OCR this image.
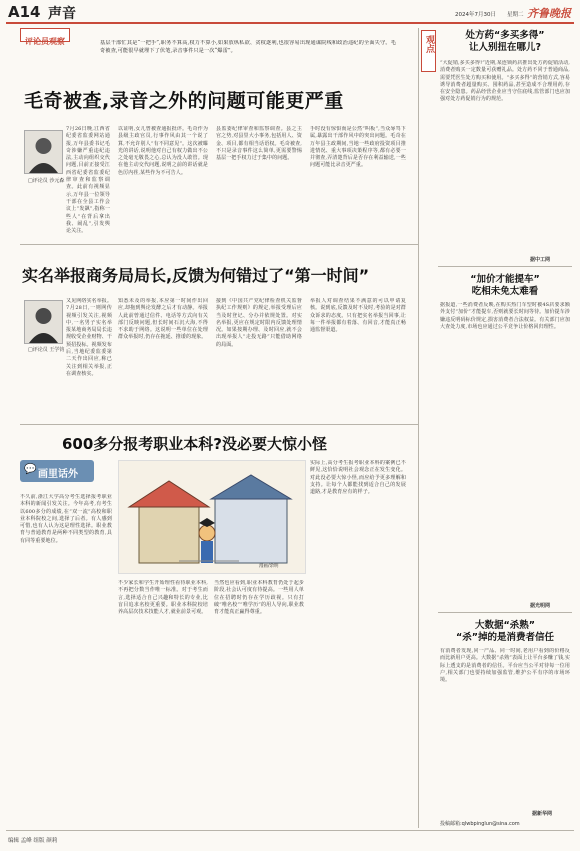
A14 声音	2024年7月30日 星期二 齐鲁晚报
评论员观察	基层干部忙其是“一把手”,职务不算高,权力不算小,如果放纵私欲、贪权逐利,也很容易出现通谋院线和政治违纪的全面失守。毛奇被查,可能很早就埋下了伏笔,录音事件只是一次“爆雷”。
毛奇被查,录音之外的问题可能更严重
□评论员 沙元森
7月26日晚,江西省纪委省监委网站通报,万年县委书记毛奇涉嫌严重违纪违法,主动向组织交代问题,目前正接受江西省纪委省监委纪律审查和监察调查。此前有视频显示,万年县一位领导干部在全县工作会议上“发飙”,指称一些人“在背后拿出我、闹乱”,引发舆论关注。
以证明,女儿曾被查通报批评。毛奇作为县级主政官员,行事作风由其一个说了算,不允许别人“有不同意见”。这次被曝光的讲话,说明他对自己有权力做出不公之处毫无敬畏之心,总认为没人敢管。现在他主动交代问题,说明之前的讲话就是色厉内荏,某些作为不可告人。
县监委纪律审查和监察调查。县之主官之势,对县里大小事务,包括用人、资金、项目,都有相当话语权。毛奇被查,不只是录音事件这么简单,更需要警惕基层一把手权力过于集中的问题。
手时没有惊惧而是公然“叫板”,当众辱骂下属,暴露出干部作风中的突出问题。毛奇在万年县主政期间,当地一些政府投资项目推进情况、重大事项决策程序等,都有必要一并彻查,弄清楚背后是否存在利益输送,一些问题可能比录音更严重。
实名举报商务局局长,反馈为何错过了“第一时间”
□评论员 王学钧
又见网络实名举报。7月28日,一则网传视频引发关注,视频中,一名男子实名举报某地商务局局长违规收受企业财物、干预招投标。视频发布后,当地纪委监委第二天作出回应,称已关注到相关举报,正在调查核实。
知悉未及的举报,本应第一时间作出回应,却拖到舆论发酵之后才有动静。举报人此前曾通过信件、电话等方式向有关部门反映问题,但长时间石沉大海,不得不求助于网络。这说明一些单位在处理群众举报时,仍存在拖延、推诿的现象。
接到《中国共产党纪律检查机关监督执纪工作规则》的规定,举报受理后应当及时登记、分办并依规处置。对实名举报,更应在规定时限内反馈处理情况。如果按期办理、及时回应,就不会出现举报人“走投无路”只能借助网络的局面。
举报人对调查结果不满意的可以申请复核。说到底,反馈及时不及时,考验的是对群众诉求的态度。只有把实名举报当回事,让每一件举报都有着落、有回音,才能真正畅通监督渠道。
600多分报考职业本科?没必要大惊小怪
💬 画里话外
不久前,浙江大学高分考生选择报考职业本科的新闻引发关注。今年高考,有考生以600多分的成绩,在“双一流”高校和职业本科院校之间,选择了后者。有人感到可惜,也有人认为这是理性选择。职业教育与普通教育是两种不同类型的教育,具有同等重要地位。
漫画/余明
不少家长和学生开始理性看待职业本科,不再把分数当作唯一标准。对于考生而言,选择适合自己兴趣和特长的专业,比盲目追求名校更重要。职业本科院校培养高层次技术技能人才,就业前景可观。
当然也应看到,职业本科教育仍处于起步阶段,社会认可度有待提高。一些用人单位在招聘时仍存在学历歧视。只有打破“唯名校”“唯学历”的用人导向,职业教育才能真正赢得尊重。
实际上,高分考生报考职业本科的案例已不鲜见,这恰恰说明社会观念正在发生变化。对此没必要大惊小怪,而应给予更多理解和支持。让每个人都能找到适合自己的发展道路,才是教育应有的样子。
观点	处方药“多买多得”
让人别扭在哪儿?
“大促销,多买多得!”近期,某连锁药店推出处方药促销活动,消费者购买一定数量可获赠礼品。处方药不同于普通商品,需要凭医生处方购买和使用。“多买多得”的营销方式,容易诱导消费者超量购买、囤积药品,甚至造成不合理用药,存在安全隐患。药品经营企业应当守住底线,监管部门也应加强对处方药促销行为的规范。
据中工网
“加价才能提车”
吃相未免太难看
据报道,一些消费者反映,在购买热门车型时被4S店要求额外支付“加价”才能提车,否则就要长时间等待。加价提车涉嫌违反明码标价规定,损害消费者合法权益。有关部门应加大查处力度,市场也应通过公平竞争让价格回归理性。
据光明网
大数据“杀熟”
“杀”掉的是消费者信任
有消费者发现,同一产品、同一时间,老用户看到的价格反而比新用户更高。大数据“杀熟”表面上让平台多赚了钱,实际上透支的是消费者的信任。平台应当公平对待每一位用户,相关部门也要持续加强监管,维护公平有序的市场环境。
据新华网
编辑 孟峰 组版 颜莉
投稿邮箱:qlwbpinglun@sina.com
